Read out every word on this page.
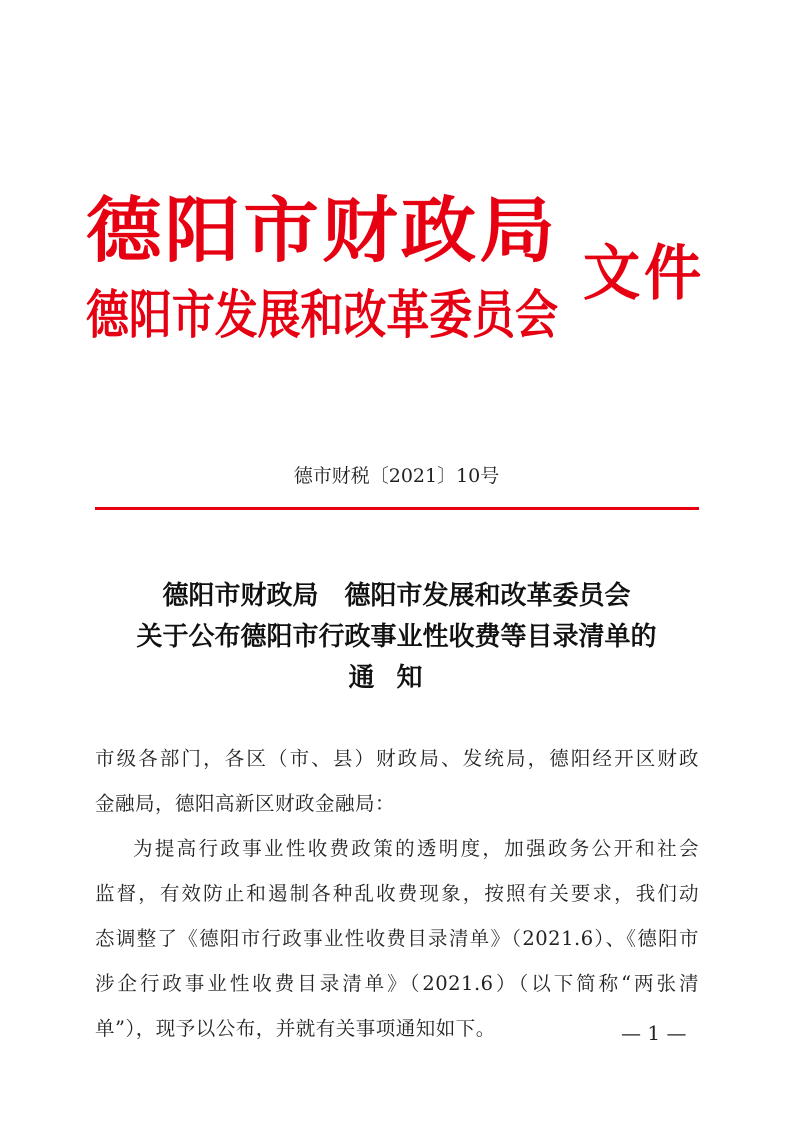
德阳市财政局
德阳市发展和改革委员会
文件
德市财税〔2021〕10号
德阳市财政局　德阳市发展和改革委员会
关于公布德阳市行政事业性收费等目录清单的
通知
市级各部门，各区（市、县）财政局、发统局，德阳经开区财政
金融局，德阳高新区财政金融局：
为提高行政事业性收费政策的透明度，加强政务公开和社会
监督，有效防止和遏制各种乱收费现象，按照有关要求，我们动
态调整了《德阳市行政事业性收费目录清单》（2021.6）、《德阳市
涉企行政事业性收费目录清单》（2021.6）（以下简称“两张清
单”），现予以公布，并就有关事项通知如下。	— 1 —
